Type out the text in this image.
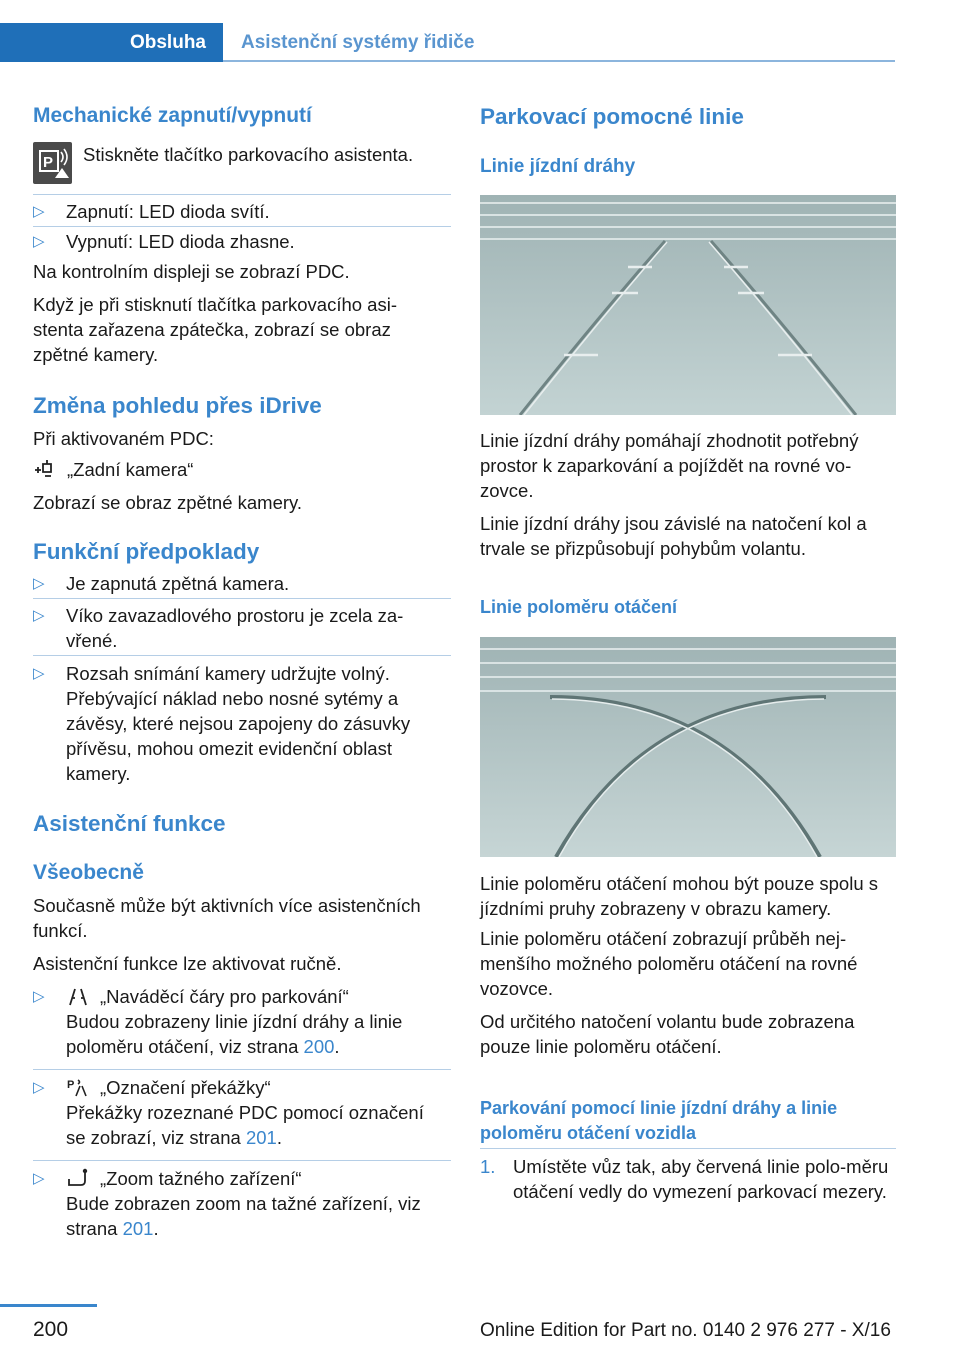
Obsluha	Asistenční systémy řidiče
Mechanické zapnutí/vypnutí
P Stiskněte tlačítko parkovacího asistenta.

▷ Zapnutí: LED dioda svítí.
▷ Vypnutí: LED dioda zhasne.

Na kontrolním displeji se zobrazí PDC.

Když je při stisknutí tlačítka parkovacího asi-stenta zařazena zpátečka, zobrazí se obraz zpětné kamery.

Změna pohledu přes iDrive

Při aktivovaném PDC:

„Zadní kamera“

Zobrazí se obraz zpětné kamery.

Funkční předpoklady
▷ Je zapnutá zpětná kamera.
▷ Víko zavazadlového prostoru je zcela za-vřené.
▷ Rozsah snímání kamery udržujte volný. Přebývající náklad nebo nosné sytémy a závěsy, které nejsou zapojeny do zásuvky přívěsu, mohou omezit evidenční oblast kamery.
Asistenční funkce
Všeobecně

Současně může být aktivních více asistenčních funkcí.

Asistenční funkce lze aktivovat ručně.

▷	„Naváděcí čáry pro parkování“
Budou zobrazeny linie jízdní dráhy a linie poloměru otáčení, viz strana 200.
▷ P „Označení překážky“
Překážky rozeznané PDC pomocí označení se zobrazí, viz strana 201.
▷	„Zoom tažného zařízení“
Bude zobrazen zoom na tažné zařízení, viz strana 201.
Parkovací pomocné linie
Linie jízdní dráhy

Linie jízdní dráhy pomáhají zhodnotit potřebný prostor k zaparkování a pojíždět na rovné vo-zovce.

Linie jízdní dráhy jsou závislé na natočení kol a trvale se přizpůsobují pohybům volantu.

Linie poloměru otáčení

Linie poloměru otáčení mohou být pouze spolu s jízdními pruhy zobrazeny v obrazu kamery.

Linie poloměru otáčení zobrazují průběh nej-menšího možného poloměru otáčení na rovné vozovce.

Od určitého natočení volantu bude zobrazena pouze linie poloměru otáčení.

Parkování pomocí linie jízdní dráhy a linie poloměru otáčení vozidla
1. Umístěte vůz tak, aby červená linie polo-měru otáčení vedly do vymezení parkovací mezery.
200	Online Edition for Part no. 0140 2 976 277 - X/16
